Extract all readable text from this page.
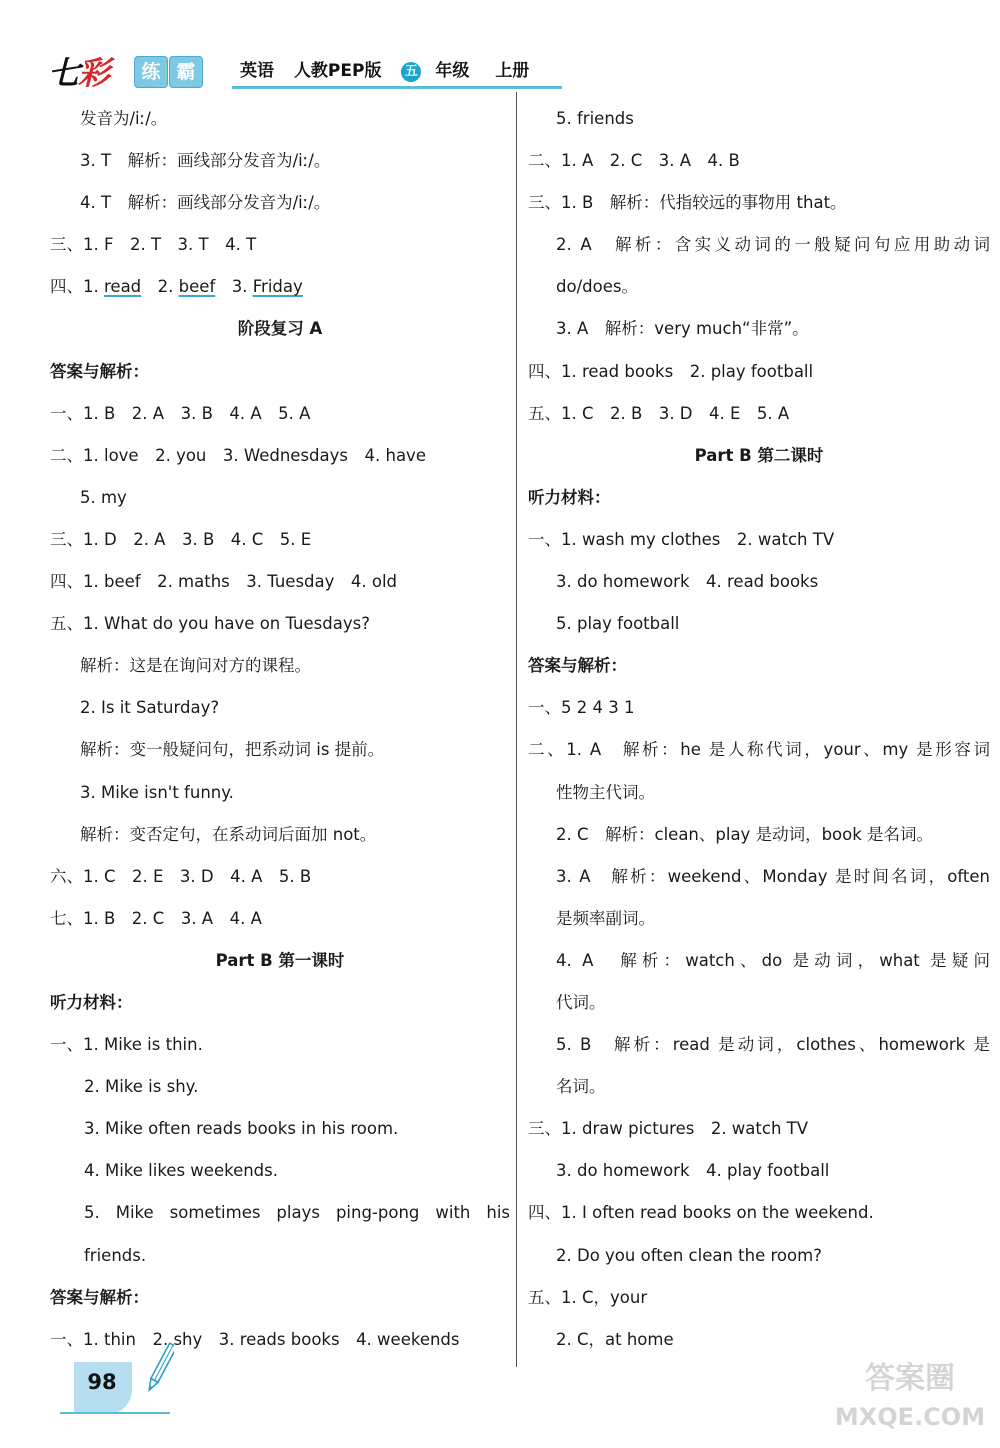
七彩	练 霸	英语 人教PEP版 五 年级 上册
发音为/iː/。
3. T　解析：画线部分发音为/iː/。
4. T　解析：画线部分发音为/iː/。
三、1. F　2. T　3. T　4. T
四、1. read　2. beef　3. Friday
阶段复习 A
答案与解析：
一、1. B　2. A　3. B　4. A　5. A
二、1. love　2. you　3. Wednesdays　4. have
5. my
三、1. D　2. A　3. B　4. C　5. E
四、1. beef　2. maths　3. Tuesday　4. old
五、1. What do you have on Tuesdays?
解析：这是在询问对方的课程。
2. Is it Saturday?
解析：变一般疑问句，把系动词 is 提前。
3. Mike isn't funny.
解析：变否定句，在系动词后面加 not。
六、1. C　2. E　3. D　4. A　5. B
七、1. B　2. C　3. A　4. A
Part B 第一课时
听力材料：
一、1. Mike is thin.
2. Mike is shy.
3. Mike often reads books in his room.
4. Mike likes weekends.
5. Mike sometimes plays ping-pong with his
friends.
答案与解析：
一、1. thin　2. shy　3. reads books　4. weekends
5. friends
二、1. A　2. C　3. A　4. B
三、1. B　解析：代指较远的事物用 that。
2. A　解析：含实义动词的一般疑问句应用助动词
do/does。
3. A　解析：very much“非常”。
四、1. read books　2. play football
五、1. C　2. B　3. D　4. E　5. A
Part B 第二课时
听力材料：
一、1. wash my clothes　2. watch TV
3. do homework　4. read books
5. play football
答案与解析：
一、5 2 4 3 1
二、1. A　解析：he 是人称代词，your、my 是形容词
性物主代词。
2. C　解析：clean、play 是动词，book 是名词。
3. A　解析：weekend、Monday 是时间名词，often
是频率副词。
4. A　解析：watch、do 是动词，what 是疑问
代词。
5. B　解析：read 是动词，clothes、homework 是
名词。
三、1. draw pictures　2. watch TV
3. do homework　4. play football
四、1. I often read books on the weekend.
2. Do you often clean the room?
五、1. C，your
2. C，at home
98	答案圈
MXQE.COM
